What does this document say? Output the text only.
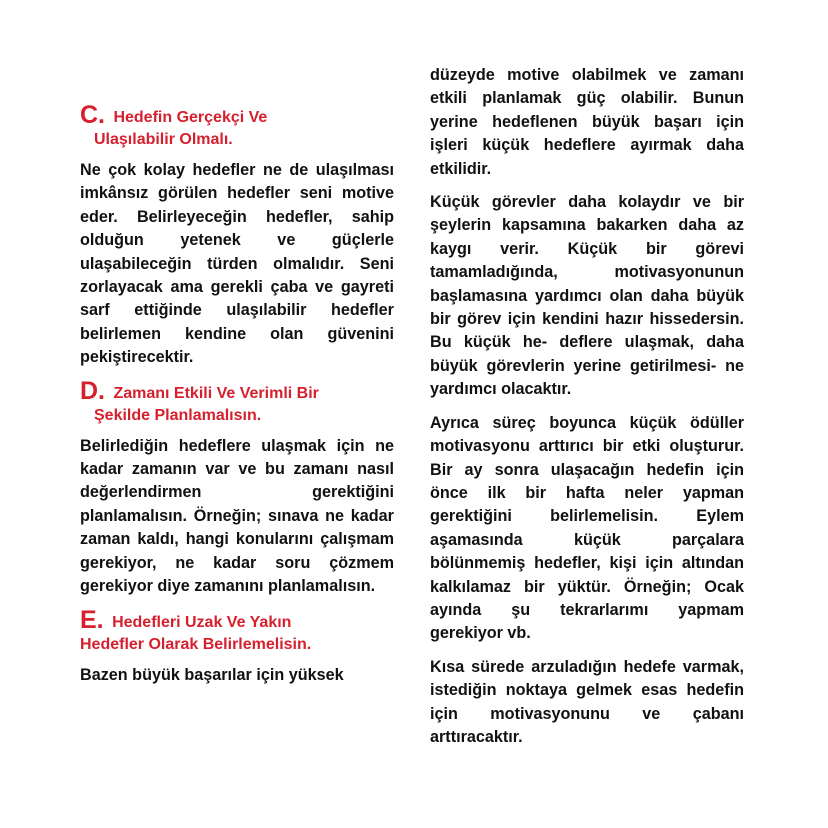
C. Hedefin Gerçekçi Ve
Ulaşılabilir Olmalı.

Ne çok kolay hedefler ne de ulaşılması imkânsız görülen hedefler seni motive eder. Belirleyeceğin hedefler, sahip olduğun yetenek ve güçlerle ulaşabileceğin türden olmalıdır. Seni zorlayacak ama gerekli çaba ve gayreti sarf ettiğinde ulaşılabilir hedefler belirlemen kendine olan güvenini pekiştirecektir.

D. Zamanı Etkili Ve Verimli Bir
Şekilde Planlamalısın.

Belirlediğin hedeflere ulaşmak için ne kadar zamanın var ve bu zamanı nasıl değerlendirmen gerektiğini planlamalısın. Örneğin; sınava ne kadar zaman kaldı, hangi konularını çalışmam gerekiyor, ne kadar soru çözmem gerekiyor diye zamanını planlamalısın.

E. Hedefleri Uzak Ve Yakın
Hedefler Olarak Belirlemelisin.

Bazen büyük başarılar için yüksek

düzeyde motive olabilmek ve zamanı etkili planlamak güç olabilir. Bunun yerine hedeflenen büyük başarı için işleri küçük hedeflere ayırmak daha etkilidir.

Küçük görevler daha kolaydır ve bir şeylerin kapsamına bakarken daha az kaygı verir. Küçük bir görevi tamamladığında, motivasyonunun başlamasına yardımcı olan daha büyük bir görev için kendini hazır hissedersin. Bu küçük he- deflere ulaşmak, daha büyük görevlerin yerine getirilmesi- ne yardımcı olacaktır.

Ayrıca süreç boyunca küçük ödüller motivasyonu arttırıcı bir etki oluşturur. Bir ay sonra ulaşacağın hedefin için önce ilk bir hafta neler yapman gerektiğini belirlemelisin. Eylem aşamasında küçük parçalara bölünmemiş hedefler, kişi için altından kalkılamaz bir yüktür. Örneğin; Ocak ayında şu tekrarlarımı yapmam gerekiyor vb.

Kısa sürede arzuladığın hedefe varmak, istediğin noktaya gelmek esas hedefin için motivasyonunu ve çabanı arttıracaktır.
